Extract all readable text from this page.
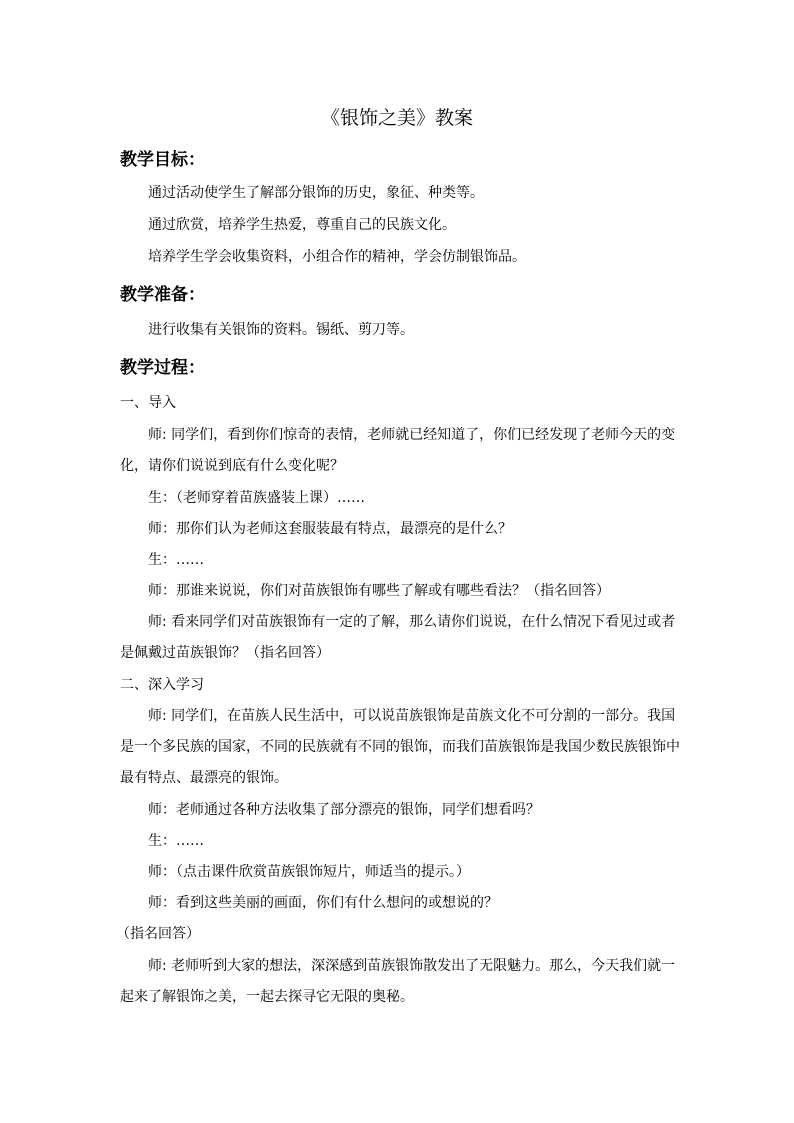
《银饰之美》教案
教学目标：
通过活动使学生了解部分银饰的历史，象征、种类等。
通过欣赏，培养学生热爱，尊重自己的民族文化。
培养学生学会收集资料，小组合作的精神，学会仿制银饰品。
教学准备：
进行收集有关银饰的资料。锡纸、剪刀等。
教学过程：
一、导入
师: 同学们，看到你们惊奇的表情，老师就已经知道了，你们已经发现了老师今天的变
化，请你们说说到底有什么变化呢？
生：（老师穿着苗族盛装上课）……
师：那你们认为老师这套服装最有特点，最漂亮的是什么？
生：……
师：那谁来说说，你们对苗族银饰有哪些了解或有哪些看法？（指名回答）
师: 看来同学们对苗族银饰有一定的了解，那么请你们说说，在什么情况下看见过或者
是佩戴过苗族银饰？（指名回答）
二、深入学习
师: 同学们，在苗族人民生活中，可以说苗族银饰是苗族文化不可分割的一部分。我国
是一个多民族的国家，不同的民族就有不同的银饰，而我们苗族银饰是我国少数民族银饰中
最有特点、最漂亮的银饰。
师：老师通过各种方法收集了部分漂亮的银饰，同学们想看吗？
生：……
师：（点击课件欣赏苗族银饰短片，师适当的提示。）
师：看到这些美丽的画面，你们有什么想问的或想说的？
（指名回答）
师: 老师听到大家的想法，深深感到苗族银饰散发出了无限魅力。那么，今天我们就一
起来了解银饰之美，一起去探寻它无限的奥秘。
